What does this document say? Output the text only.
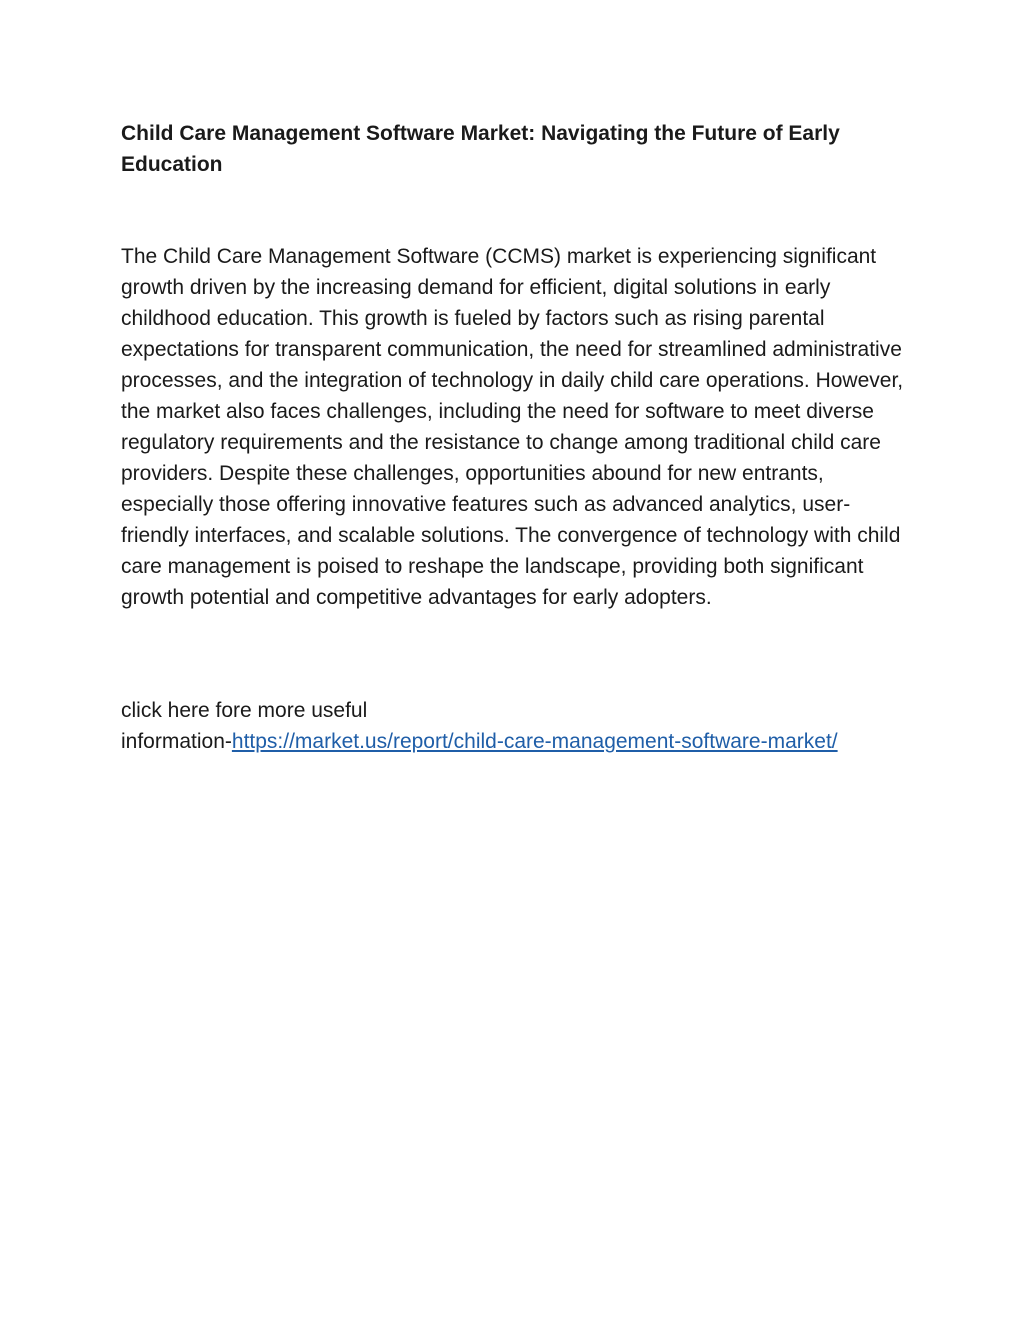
Child Care Management Software Market: Navigating the Future of Early Education

The Child Care Management Software (CCMS) market is experiencing significant growth driven by the increasing demand for efficient, digital solutions in early childhood education. This growth is fueled by factors such as rising parental expectations for transparent communication, the need for streamlined administrative processes, and the integration of technology in daily child care operations. However, the market also faces challenges, including the need for software to meet diverse regulatory requirements and the resistance to change among traditional child care providers. Despite these challenges, opportunities abound for new entrants, especially those offering innovative features such as advanced analytics, user-friendly interfaces, and scalable solutions. The convergence of technology with child care management is poised to reshape the landscape, providing both significant growth potential and competitive advantages for early adopters.

click here fore more useful
information-https://market.us/report/child-care-management-software-market/
